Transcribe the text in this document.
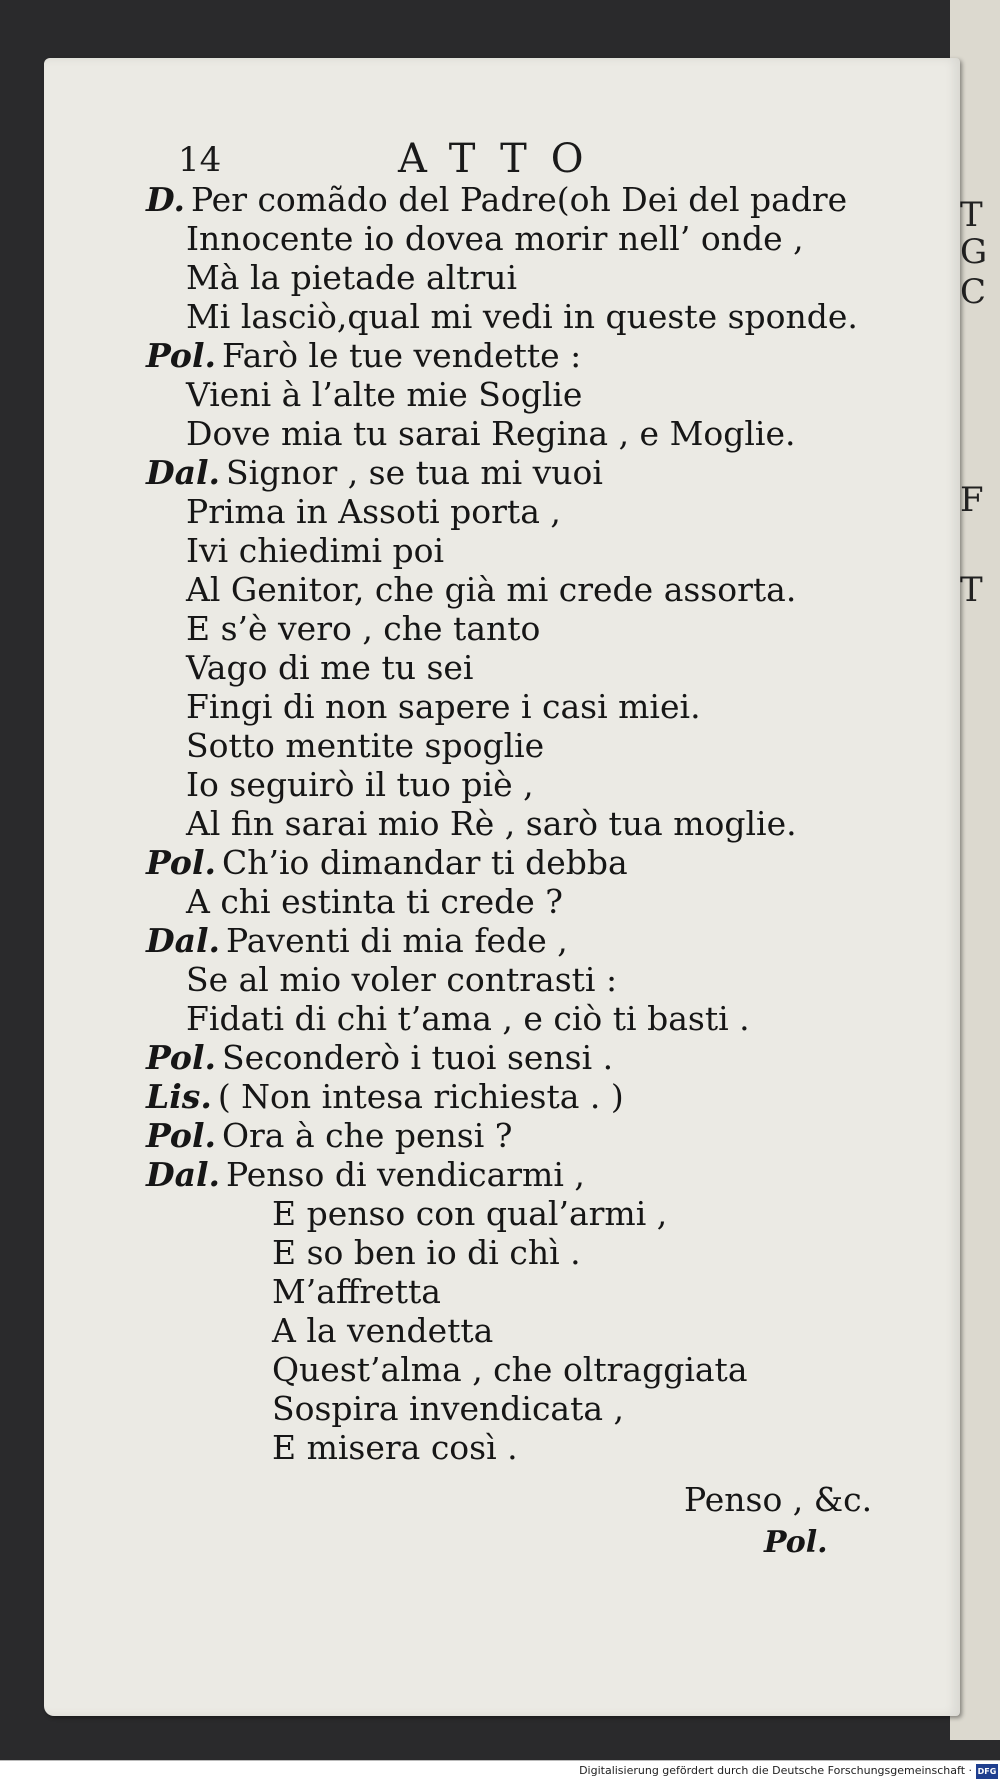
T
G
C
F
T
14	ATTO
D. Per comãdo del Padre(oh Dei del padre
Innocente io dovea morir nell’ onde ,
Mà la pietade altrui
Mi lasciò,qual mi vedi in queste sponde.
Pol. Farò le tue vendette :
Vieni à l’alte mie Soglie
Dove mia tu sarai Regina , e Moglie.
Dal. Signor , se tua mi vuoi
Prima in Assoti porta ,
Ivi chiedimi poi
Al Genitor, che già mi crede assorta.
E s’è vero , che tanto
Vago di me tu sei
Fingi di non sapere i casi miei.
Sotto mentite spoglie
Io seguirò il tuo piè ,
Al fin sarai mio Rè , sarò tua moglie.
Pol. Ch’io dimandar ti debba
A chi estinta ti crede ?
Dal. Paventi di mia fede ,
Se al mio voler contrasti :
Fidati di chi t’ama , e ciò ti basti .
Pol. Seconderò i tuoi sensi .
Lis. ( Non intesa richiesta . )
Pol. Ora à che pensi ?
Dal. Penso di vendicarmi ,
E penso con qual’armi ,
E so ben io di chì .
M’affretta
A la vendetta
Quest’alma , che oltraggiata
Sospira invendicata ,
E misera così .
Penso , &c.
Pol.
Digitalisierung gefördert durch die Deutsche Forschungsgemeinschaft · DFG
